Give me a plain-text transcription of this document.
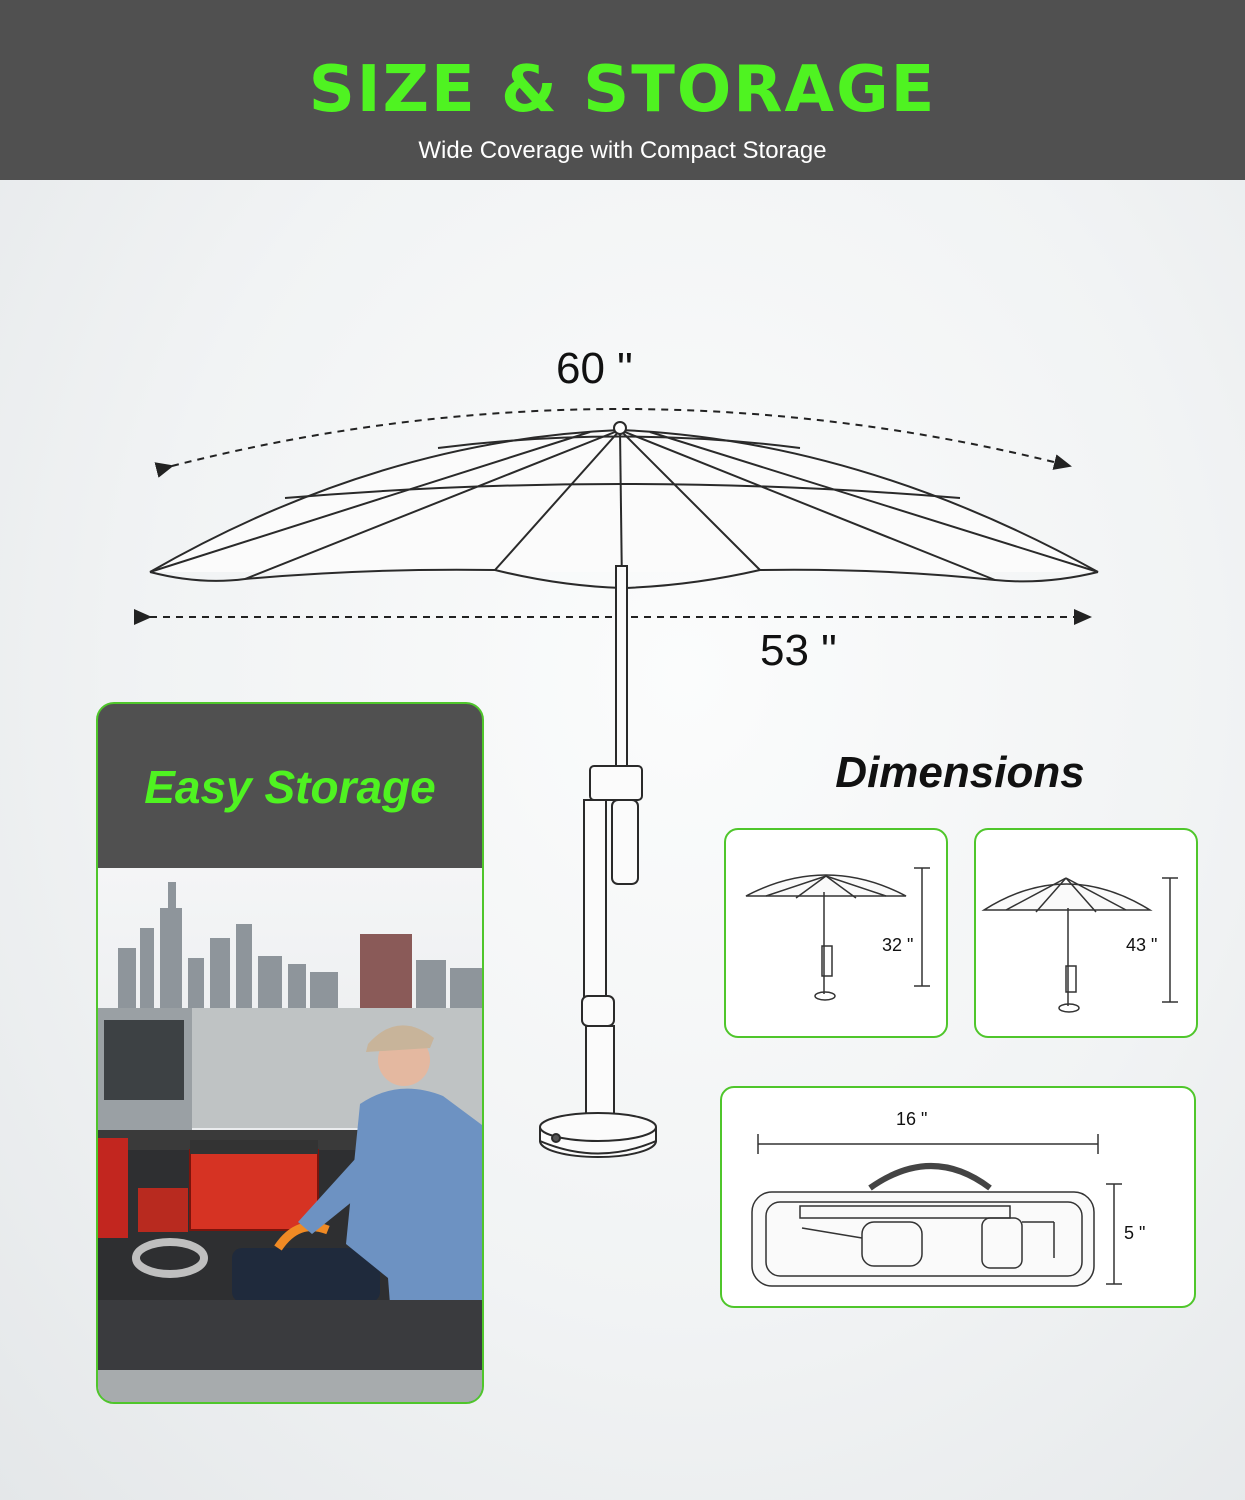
SIZE & STORAGE
Wide Coverage with Compact Storage
60 "
53 "
Easy Storage	Dimensions
32 "	43 "
16 "
5 "
